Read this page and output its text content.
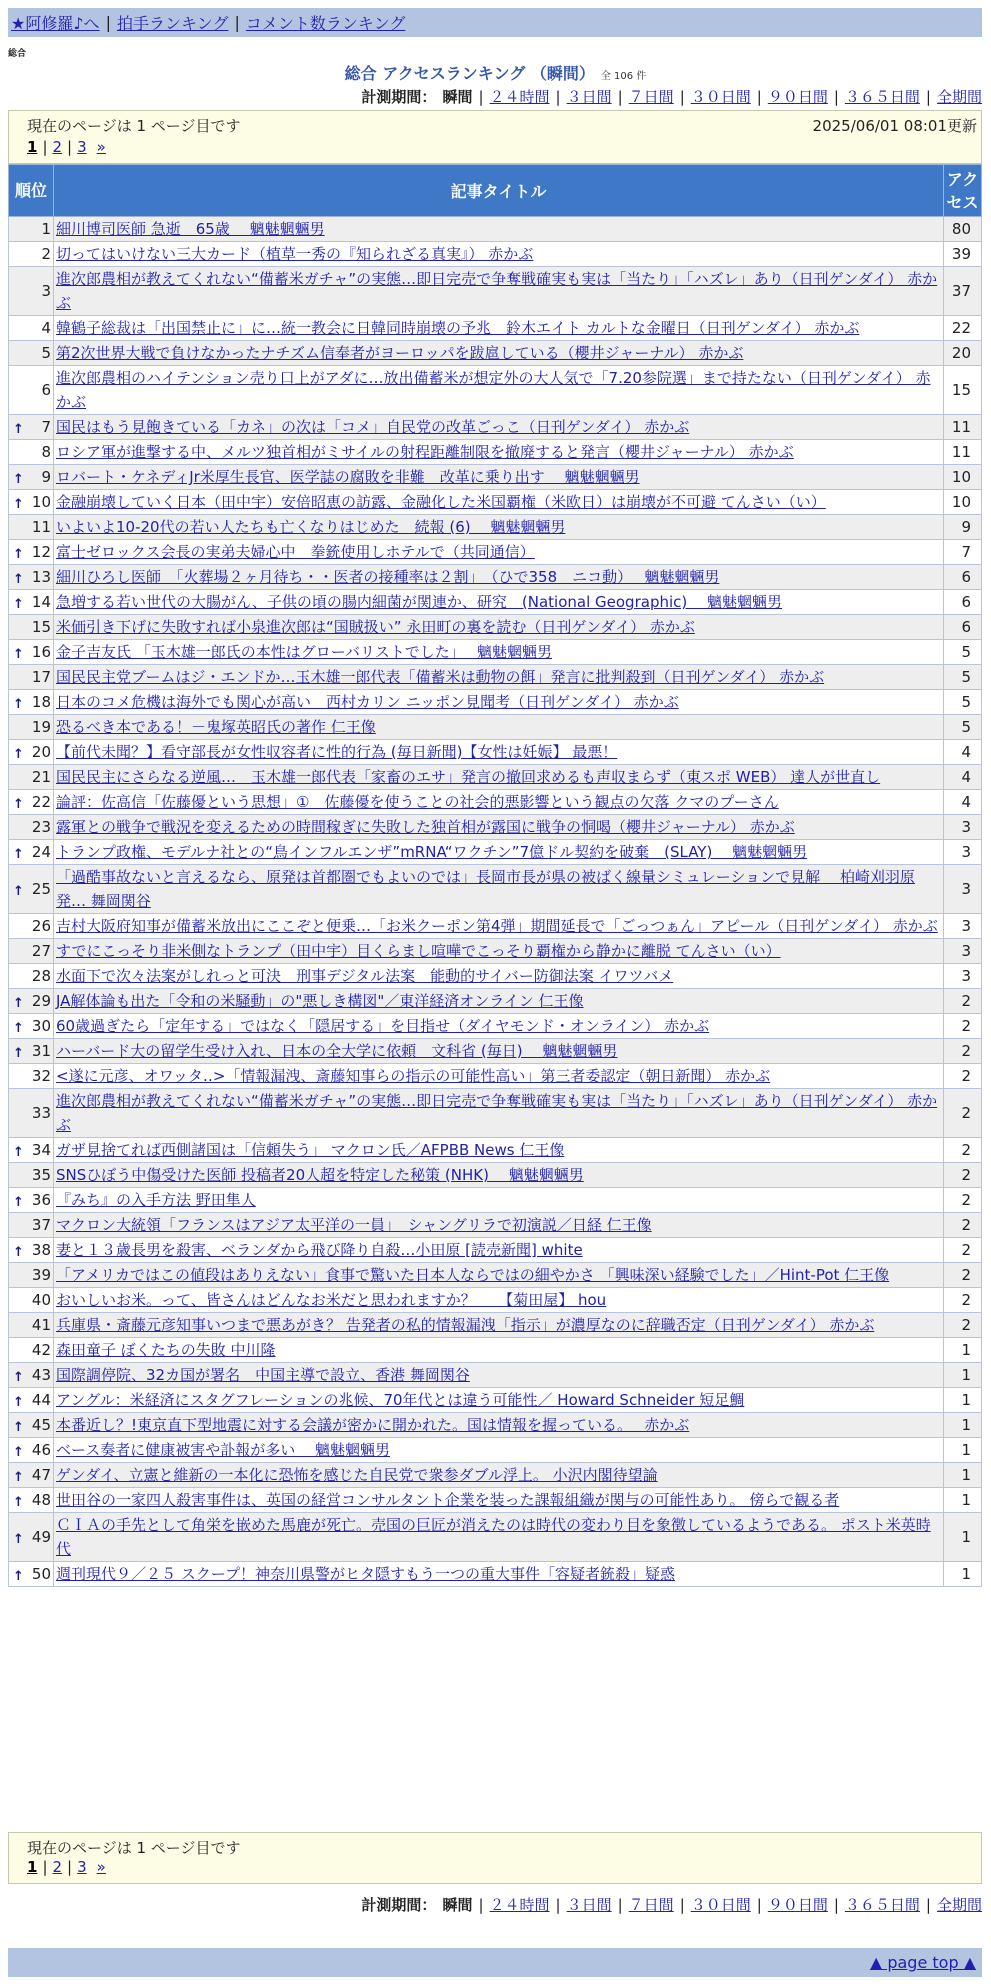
★阿修羅♪へ | 拍手ランキング | コメント数ランキング
総合
総合 アクセスランキング （瞬間） 全 106 件
計測期間： 瞬間 | ２４時間 | ３日間 | ７日間 | ３０日間 | ９０日間 | ３６５日間 | 全期間
現在のページは 1 ページ目です	2025/06/01 08:01更新
1 | 2 | 3 »
順位	記事タイトル	アクセス
1	細川博司医師 急逝　65歳　 魑魅魍魎男	80
2	切ってはいけない三大カード（植草一秀の『知られざる真実』） 赤かぶ	39
3	進次郎農相が教えてくれない“備蓄米ガチャ”の実態…即日完売で争奪戦確実も実は「当たり」「ハズレ」あり（日刊ゲンダイ） 赤かぶ	37
4	韓鶴子総裁は「出国禁止に」に…統一教会に日韓同時崩壊の予兆　鈴木エイト カルトな金曜日（日刊ゲンダイ） 赤かぶ	22
5	第2次世界大戦で負けなかったナチズム信奉者がヨーロッパを跋扈している（櫻井ジャーナル） 赤かぶ	20
6	進次郎農相のハイテンション売り口上がアダに…放出備蓄米が想定外の大人気で「7.20参院選」まで持たない（日刊ゲンダイ） 赤かぶ	15

↑ 7	国民はもう見飽きている「カネ」の次は「コメ」自民党の改革ごっこ（日刊ゲンダイ） 赤かぶ	11
8	ロシア軍が進撃する中、メルツ独首相がミサイルの射程距離制限を撤廃すると発言（櫻井ジャーナル） 赤かぶ	11

↑ 9	ロバート・ケネディJr米厚生長官、医学誌の腐敗を非難　改革に乗り出す　 魑魅魍魎男	10

↑ 10	金融崩壊していく日本（田中宇）安倍昭恵の訪露、金融化した米国覇権（米欧日）は崩壊が不可避 てんさい（い）	10
11	いよいよ10-20代の若い人たちも亡くなりはじめた　続報 (6)　 魑魅魍魎男	9

↑ 12	富士ゼロックス会長の実弟夫婦心中　拳銃使用しホテルで（共同通信）	7

↑ 13	細川ひろし医師　「火葬場２ヶ月待ち・・医者の接種率は２割」　（ひで358　ニコ動）　 魑魅魍魎男	6

↑ 14	急増する若い世代の大腸がん、子供の頃の腸内細菌が関連か、研究　(National Geographic)　 魑魅魍魎男	6
15	米価引き下げに失敗すれば小泉進次郎は“国賊扱い” 永田町の裏を読む（日刊ゲンダイ） 赤かぶ	6

↑ 16	金子吉友氏 「玉木雄一郎氏の本性はグローバリストでした」　 魑魅魍魎男	5
17	国民民主党ブームはジ・エンドか…玉木雄一郎代表「備蓄米は動物の餌」発言に批判殺到（日刊ゲンダイ） 赤かぶ	5

↑ 18	日本のコメ危機は海外でも関心が高い　西村カリン ニッポン見聞考（日刊ゲンダイ） 赤かぶ	5
19	恐るべき本である！－鬼塚英昭氏の著作 仁王像	5

↑ 20	【前代未聞？】看守部長が女性収容者に性的行為 (毎日新聞)【女性は妊娠】 最悪！	4
21	国民民主にさらなる逆風…　玉木雄一郎代表「家畜のエサ」発言の撤回求めるも声収まらず（東スポ WEB） 達人が世直し	4

↑ 22	論評：佐高信「佐藤優という思想」①　佐藤優を使うことの社会的悪影響という観点の欠落 クマのプーさん	4
23	露軍との戦争で戦況を変えるための時間稼ぎに失敗した独首相が露国に戦争の恫喝（櫻井ジャーナル） 赤かぶ	3

↑ 24	トランプ政権、モデルナ社との“鳥インフルエンザ”mRNA“ワクチン”7億ドル契約を破棄　(SLAY)　 魑魅魍魎男	3

↑ 25	「過酷事故ないと言えるなら、原発は首都圏でもよいのでは」長岡市長が県の被ばく線量シミュレーションで見解　 柏崎刈羽原発… 舞岡関谷	3
26	吉村大阪府知事が備蓄米放出にここぞと便乗…「お米クーポン第4弾」期間延長で「ごっつぁん」アピール（日刊ゲンダイ） 赤かぶ	3
27	すでにこっそり非米側なトランプ（田中宇）目くらまし喧嘩でこっそり覇権から静かに離脱 てんさい（い）	3
28	水面下で次々法案がしれっと可決　刑事デジタル法案　能動的サイバー防御法案 イワツバメ	3

↑ 29	JA解体論も出た「令和の米騒動」の"悪しき構図"／東洋経済オンライン 仁王像	2

↑ 30	60歳過ぎたら「定年する」ではなく「隠居する」を目指せ（ダイヤモンド・オンライン） 赤かぶ	2

↑ 31	ハーバード大の留学生受け入れ、日本の全大学に依頼　文科省 (毎日)　 魑魅魍魎男	2
32	<遂に元彦、オワッタ‥>「情報漏洩、斎藤知事らの指示の可能性高い」第三者委認定（朝日新聞） 赤かぶ	2
33	進次郎農相が教えてくれない“備蓄米ガチャ”の実態…即日完売で争奪戦確実も実は「当たり」「ハズレ」あり（日刊ゲンダイ） 赤かぶ	2

↑ 34	ガザ見捨てれば西側諸国は「信頼失う」 マクロン氏／AFPBB News 仁王像	2
35	SNSひぼう中傷受けた医師 投稿者20人超を特定した秘策 (NHK)　 魑魅魍魎男	2

↑ 36	『みち』の入手方法 野田隼人	2
37	マクロン大統領「フランスはアジア太平洋の一員」　シャングリラで初演説／日経 仁王像	2

↑ 38	妻と１３歳長男を殺害、ベランダから飛び降り自殺…小田原 [読売新聞] white	2
39	「アメリカではこの値段はありえない」食事で驚いた日本人ならではの細やかさ 「興味深い経験でした」／Hint-Pot 仁王像	2
40	おいしいお米。って、皆さんはどんなお米だと思われますか？　　【菊田屋】 hou	2
41	兵庫県・斎藤元彦知事いつまで悪あがき？ 告発者の私的情報漏洩「指示」が濃厚なのに辞職否定（日刊ゲンダイ） 赤かぶ	2
42	森田童子 ぼくたちの失敗 中川隆	1

↑ 43	国際調停院、32カ国が署名　中国主導で設立、香港 舞岡関谷	1

↑ 44	アングル：米経済にスタグフレーションの兆候、70年代とは違う可能性／ Howard Schneider 短足鯛	1

↑ 45	本番近し？!東京直下型地震に対する会議が密かに開かれた。国は情報を握っている。　 赤かぶ	1

↑ 46	ベース奏者に健康被害や訃報が多い　 魑魅魍魎男	1

↑ 47	ゲンダイ、立憲と維新の一本化に恐怖を感じた自民党で衆参ダブル浮上。 小沢内閣待望論	1

↑ 48	世田谷の一家四人殺害事件は、英国の経営コンサルタント企業を装った課報組織が関与の可能性あり。 傍らで観る者	1

↑ 49	ＣＩＡの手先として角栄を嵌めた馬鹿が死亡。売国の巨匠が消えたのは時代の変わり目を象徴しているようである。 ポスト米英時代	1

↑ 50	週刊現代９／２５ スクープ！神奈川県警がヒタ隠すもう一つの重大事件「容疑者銃殺」疑惑	1
現在のページは 1 ページ目です
1 | 2 | 3 »
計測期間： 瞬間 | ２４時間 | ３日間 | ７日間 | ３０日間 | ９０日間 | ３６５日間 | 全期間
▲ page top ▲
